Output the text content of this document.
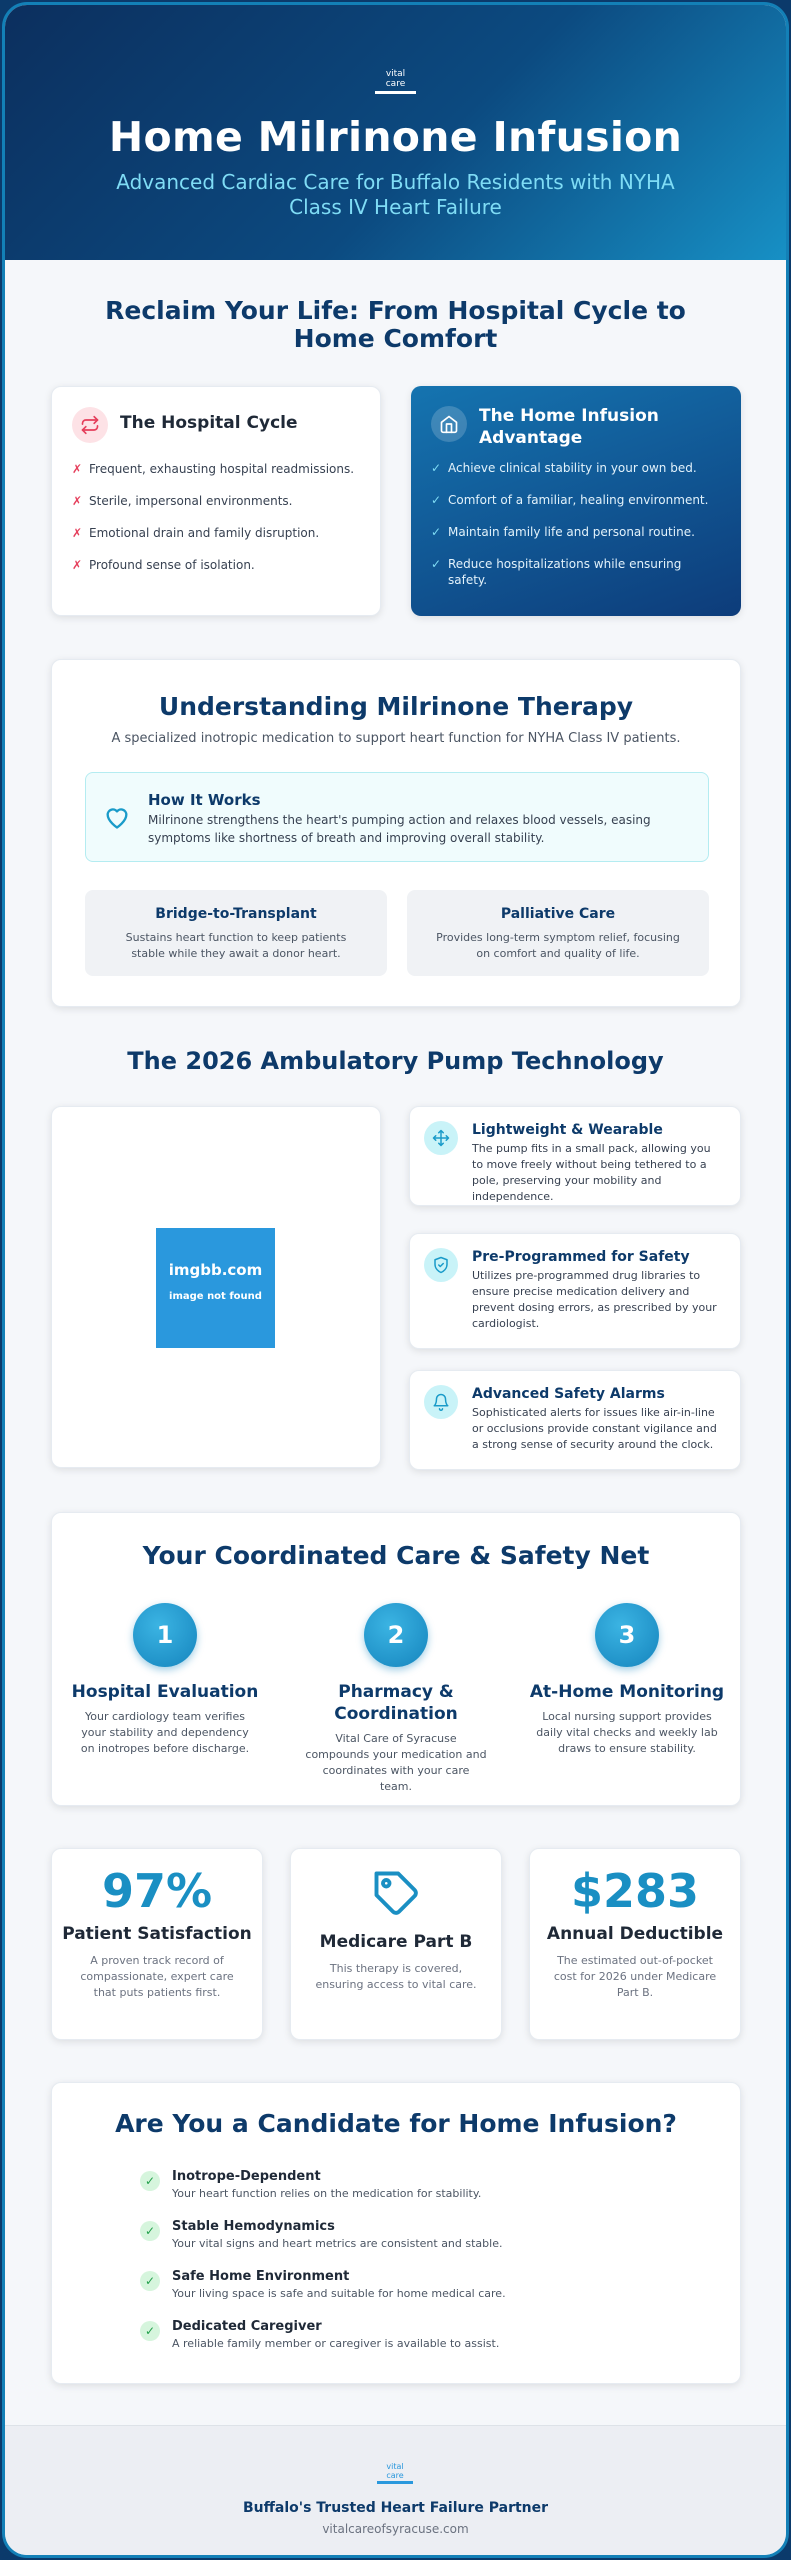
vital care
Home Milrinone Infusion
Advanced Cardiac Care for Buffalo Residents with NYHA Class IV Heart Failure
Reclaim Your Life: From Hospital Cycle to Home Comfort
The Hospital Cycle
✗ Frequent, exhausting hospital readmissions.
✗ Sterile, impersonal environments.
✗ Emotional drain and family disruption.
✗ Profound sense of isolation.
The Home Infusion Advantage
✓ Achieve clinical stability in your own bed.
✓ Comfort of a familiar, healing environment.
✓ Maintain family life and personal routine.
✓ Reduce hospitalizations while ensuring safety.
Understanding Milrinone Therapy

A specialized inotropic medication to support heart function for NYHA Class IV patients.

How It Works

Milrinone strengthens the heart's pumping action and relaxes blood vessels, easing symptoms like shortness of breath and improving overall stability.

Bridge-to-Transplant

Sustains heart function to keep patients stable while they await a donor heart.

Palliative Care

Provides long-term symptom relief, focusing on comfort and quality of life.

The 2026 Ambulatory Pump Technology
imgbb.com
image not found
Lightweight & Wearable

The pump fits in a small pack, allowing you to move freely without being tethered to a pole, preserving your mobility and independence.

Pre-Programmed for Safety

Utilizes pre-programmed drug libraries to ensure precise medication delivery and prevent dosing errors, as prescribed by your cardiologist.

Advanced Safety Alarms

Sophisticated alerts for issues like air-in-line or occlusions provide constant vigilance and a strong sense of security around the clock.

Your Coordinated Care & Safety Net
1
Hospital Evaluation

Your cardiology team verifies your stability and dependency on inotropes before discharge.

2
Pharmacy & Coordination

Vital Care of Syracuse compounds your medication and coordinates with your care team.

3
At-Home Monitoring

Local nursing support provides daily vital checks and weekly lab draws to ensure stability.

97%
Patient Satisfaction

A proven track record of compassionate, expert care that puts patients first.

Medicare Part B

This therapy is covered, ensuring access to vital care.

$283
Annual Deductible

The estimated out-of-pocket cost for 2026 under Medicare Part B.

Are You a Candidate for Home Infusion?
✓	Inotrope-Dependent

Your heart function relies on the medication for stability.

✓	Stable Hemodynamics

Your vital signs and heart metrics are consistent and stable.

✓	Safe Home Environment

Your living space is safe and suitable for home medical care.

✓	Dedicated Caregiver

A reliable family member or caregiver is available to assist.

vital care
Buffalo's Trusted Heart Failure Partner

vitalcareofsyracuse.com
